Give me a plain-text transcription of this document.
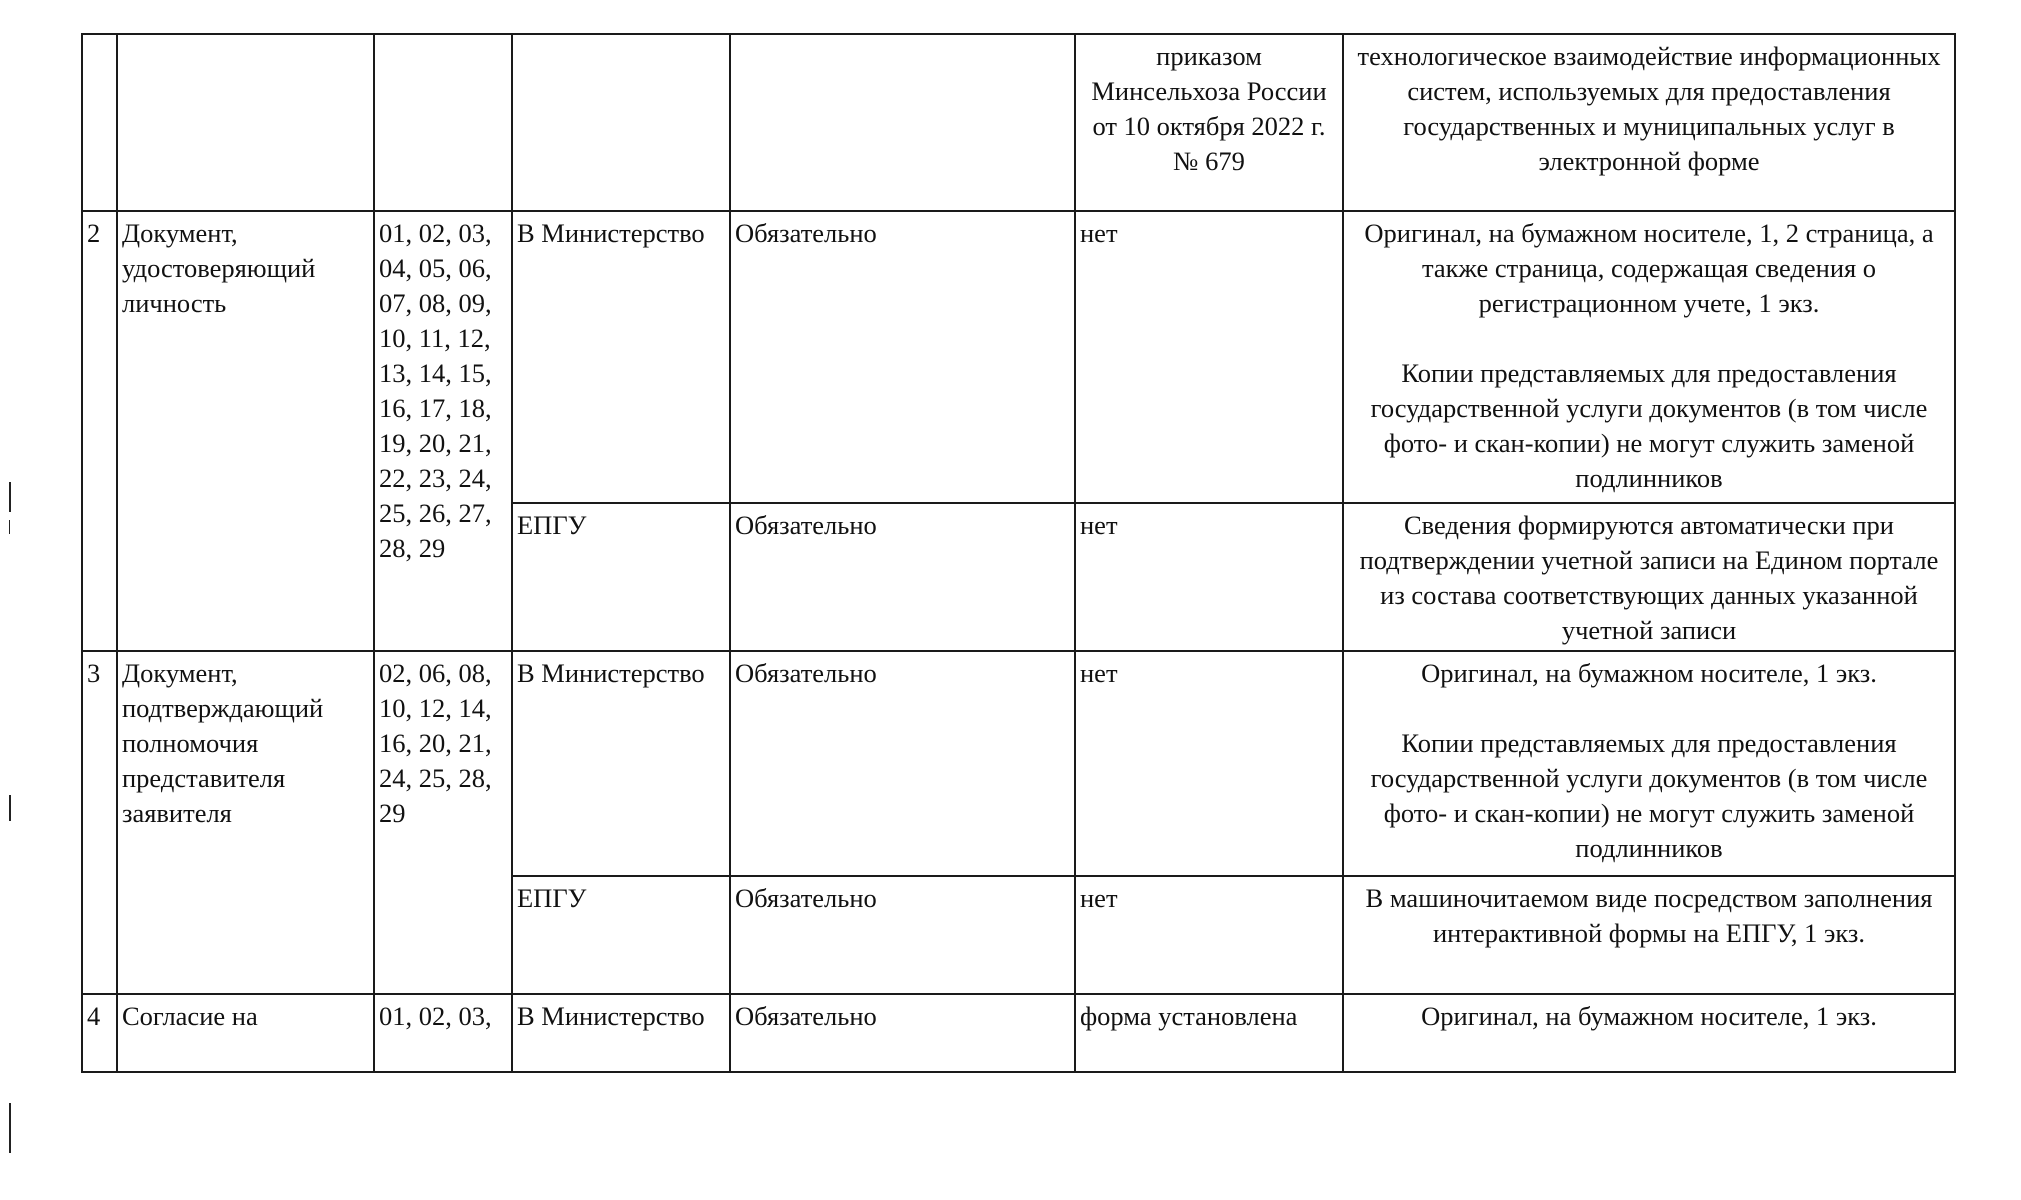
					приказом Минсельхоза России от 10 октября 2022 г. № 679	технологическое взаимодействие информационных систем, используемых для предоставления государственных и муниципальных услуг в электронной форме
2	Документ, удостоверяющий личность	01, 02, 03, 04, 05, 06, 07, 08, 09, 10, 11, 12, 13, 14, 15, 16, 17, 18, 19, 20, 21, 22, 23, 24, 25, 26, 27, 28, 29	В Министерство	Обязательно	нет	Оригинал, на бумажном носителе, 1, 2 страница, а также страница, содержащая сведения о регистрационном учете, 1 экз.
Копии представляемых для предоставления государственной услуги документов (в том числе фото- и скан-копии) не могут служить заменой подлинников

			ЕПГУ	Обязательно	нет	Сведения формируются автоматически при подтверждении учетной записи на Едином портале из состава соответствующих данных указанной учетной записи

3	Документ, подтверждающий полномочия представителя заявителя	02, 06, 08, 10, 12, 14, 16, 20, 21, 24, 25, 28, 29	В Министерство	Обязательно	нет	Оригинал, на бумажном носителе, 1 экз.
Копии представляемых для предоставления государственной услуги документов (в том числе фото- и скан-копии) не могут служить заменой подлинников

			ЕПГУ	Обязательно	нет	В машиночитаемом виде посредством заполнения интерактивной формы на ЕПГУ, 1 экз.

4	Согласие на	01, 02, 03,	В Министерство	Обязательно	форма установлена	Оригинал, на бумажном носителе, 1 экз.
